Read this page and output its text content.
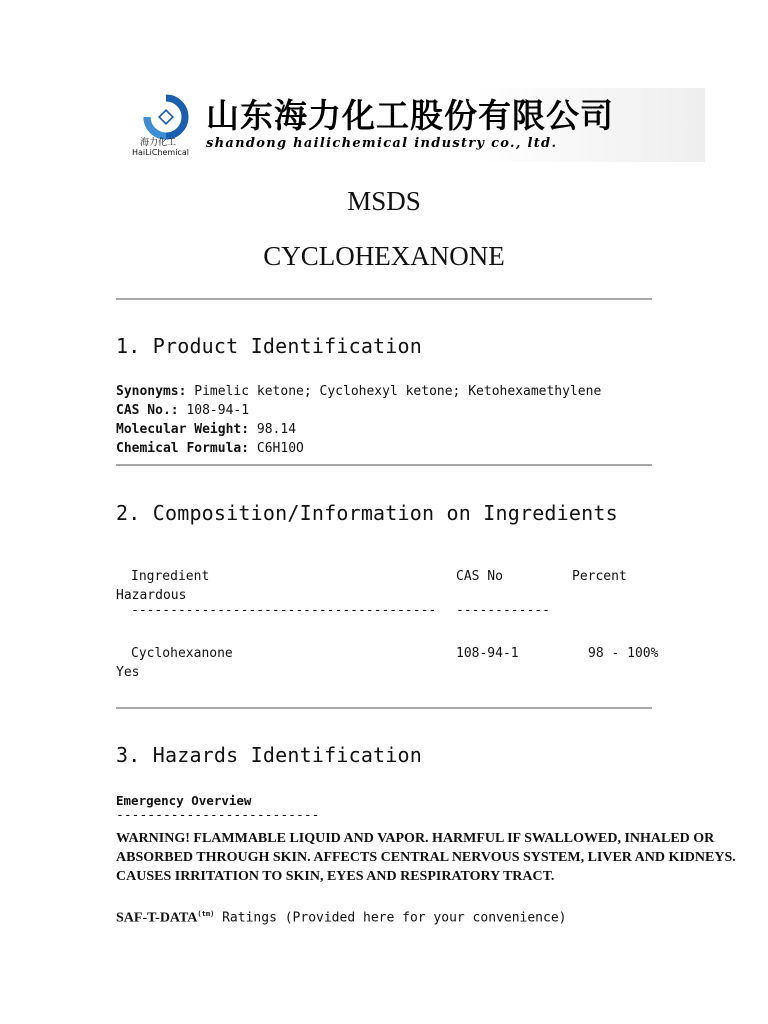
海力化工
HaiLiChemical
山东海力化工股份有限公司
shandong hailichemical industry co., ltd.
MSDS
CYCLOHEXANONE
1. Product Identification
Synonyms: Pimelic ketone; Cyclohexyl ketone; Ketohexamethylene
CAS No.: 108-94-1
Molecular Weight: 98.14
Chemical Formula: C6H10O
2. Composition/Information on Ingredients
Ingredient	CAS No	Percent
Hazardous
--------------------------------------- ------------
Cyclohexanone	108-94-1	98 - 100%
Yes
3. Hazards Identification
Emergency Overview
--------------------------
WARNING! FLAMMABLE LIQUID AND VAPOR. HARMFUL IF SWALLOWED, INHALED OR
ABSORBED THROUGH SKIN. AFFECTS CENTRAL NERVOUS SYSTEM, LIVER AND KIDNEYS.
CAUSES IRRITATION TO SKIN, EYES AND RESPIRATORY TRACT.
SAF-$T-DATA^{(tm)}$ Ratings (Provided here for your convenience)
